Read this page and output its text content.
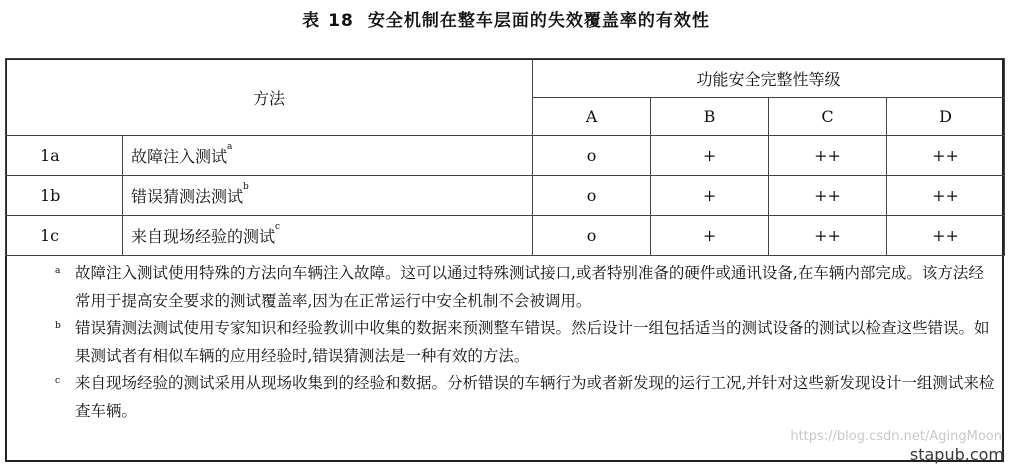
表 18 安全机制在整车层面的失效覆盖率的有效性
方法		功能安全完整性等级			
		A	B	C	D
1a	故障注入测试$^a$	o	+	++	++
1b	错误猜测法测试$^b$	o	+	++	++
1c	来自现场经验的测试$^c$	o	+	++	++
a 故障注入测试使用特殊的方法向车辆注入故障。这可以通过特殊测试接口,或者特别准备的硬件或通讯设备,在车辆内部完成。该方法经常用于提高安全要求的测试覆盖率,因为在正常运行中安全机制不会被调用。
b 错误猜测法测试使用专家知识和经验教训中收集的数据来预测整车错误。然后设计一组包括适当的测试设备的测试以检查这些错误。如果测试者有相似车辆的应用经验时,错误猜测法是一种有效的方法。
c 来自现场经验的测试采用从现场收集到的经验和数据。分析错误的车辆行为或者新发现的运行工况,并针对这些新发现设计一组测试来检查车辆。
https://blog.csdn.net/AgingMoon
stapub.com
